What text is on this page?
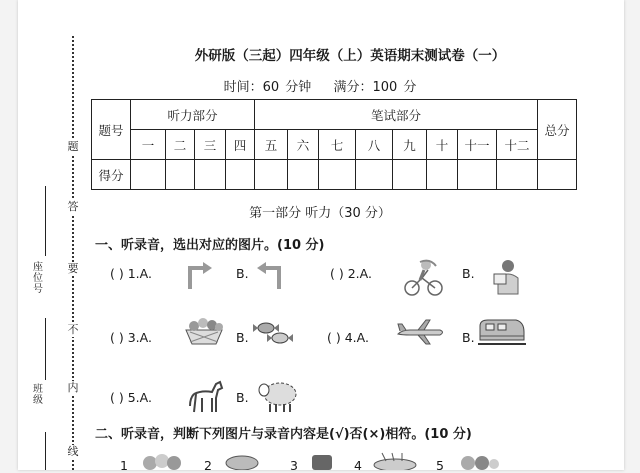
题
答
要
不
内
线
座位号
班级
外研版（三起）四年级（上）英语期末测试卷（一）
时间：60 分钟 满分：100 分
题号	听力部分				笔试部分								总分
	一	二	三	四	五	六	七	八	九	十	十一	十二	
得分													
第一部分 听力（30 分）
一、听录音，选出对应的图片。(10 分)
( ) 1.A.	B.	( ) 2.A.	B.
( ) 3.A.	B.	( ) 4.A.	B.
( ) 5.A.	B.
二、听录音，判断下列图片与录音内容是(√)否(×)相符。(10 分)
1	2	3	4	5
